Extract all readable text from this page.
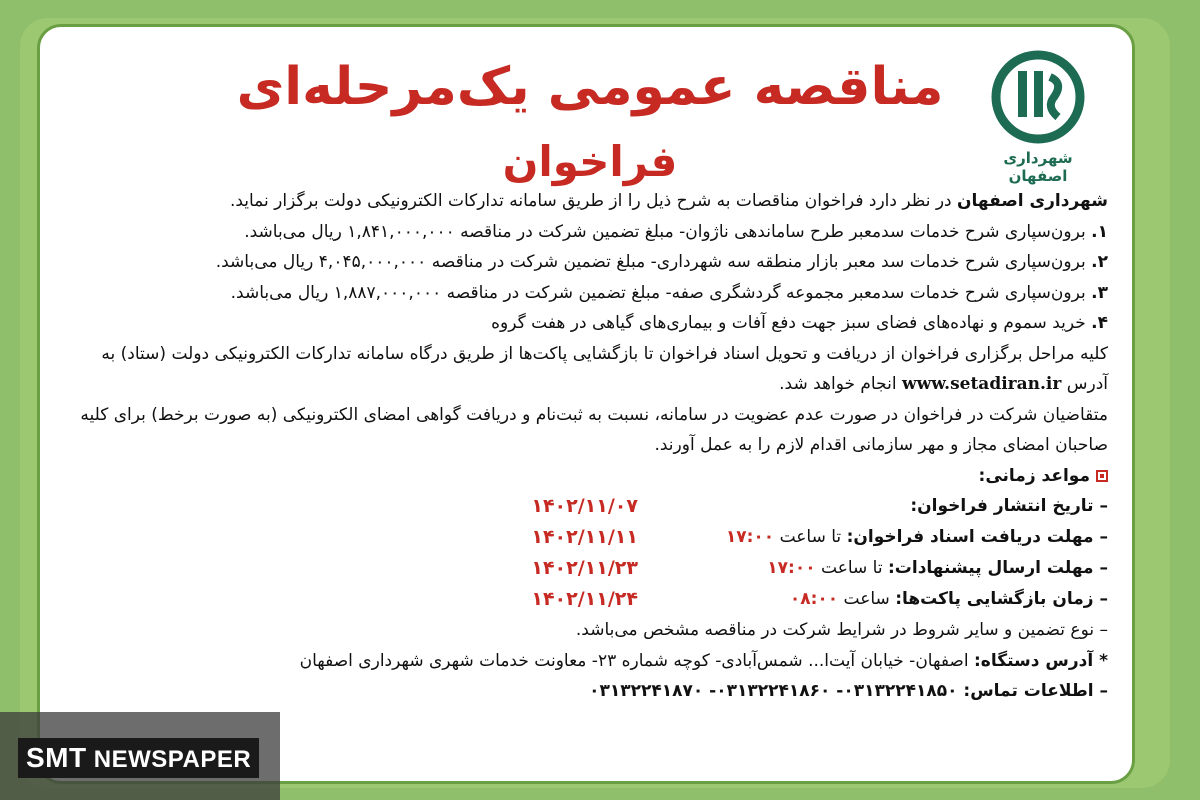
شهرداری اصفهان
مناقصه عمومی یک‌مرحله‌ای
فراخوان

شهرداری اصفهان در نظر دارد فراخوان مناقصات به شرح ذیل را از طریق سامانه تدارکات الکترونیکی دولت برگزار نماید.

۱. برون‌سپاری شرح خدمات سدمعبر طرح ساماندهی ناژوان- مبلغ تضمین شرکت در مناقصه ۱,۸۴۱,۰۰۰,۰۰۰ ریال می‌باشد.

۲. برون‌سپاری شرح خدمات سد معبر بازار منطقه سه شهرداری- مبلغ تضمین شرکت در مناقصه ۴,۰۴۵,۰۰۰,۰۰۰ ریال می‌باشد.

۳. برون‌سپاری شرح خدمات سدمعبر مجموعه گردشگری صفه- مبلغ تضمین شرکت در مناقصه ۱,۸۸۷,۰۰۰,۰۰۰ ریال می‌باشد.

۴. خرید سموم و نهاده‌های فضای سبز جهت دفع آفات و بیماری‌های گیاهی در هفت گروه

کلیه مراحل برگزاری فراخوان از دریافت و تحویل اسناد فراخوان تا بازگشایی پاکت‌ها از طریق درگاه سامانه تدارکات الکترونیکی دولت (ستاد) به آدرس www.setadiran.ir انجام خواهد شد.

متقاضیان شرکت در فراخوان در صورت عدم عضویت در سامانه، نسبت به ثبت‌نام و دریافت گواهی امضای الکترونیکی (به صورت برخط) برای کلیه صاحبان امضای مجاز و مهر سازمانی اقدام لازم را به عمل آورند.

مواعد زمانی:
– تاریخ انتشار فراخوان:
۱۴۰۲/۱۱/۰۷
– مهلت دریافت اسناد فراخوان: تا ساعت ۱۷:۰۰
۱۴۰۲/۱۱/۱۱
– مهلت ارسال پیشنهادات: تا ساعت ۱۷:۰۰
۱۴۰۲/۱۱/۲۳
– زمان بازگشایی پاکت‌ها: ساعت ۰۸:۰۰
۱۴۰۲/۱۱/۲۴

– نوع تضمین و سایر شروط در شرایط شرکت در مناقصه مشخص می‌باشد.

* آدرس دستگاه: اصفهان- خیابان آیت‌ا... شمس‌آبادی- کوچه شماره ۲۳- معاونت خدمات شهری شهرداری اصفهان

– اطلاعات تماس: ۰۳۱۳۲۲۴۱۸۵۰- ۰۳۱۳۲۲۴۱۸۶۰- ۰۳۱۳۲۲۴۱۸۷۰

SMT NEWSPAPER
